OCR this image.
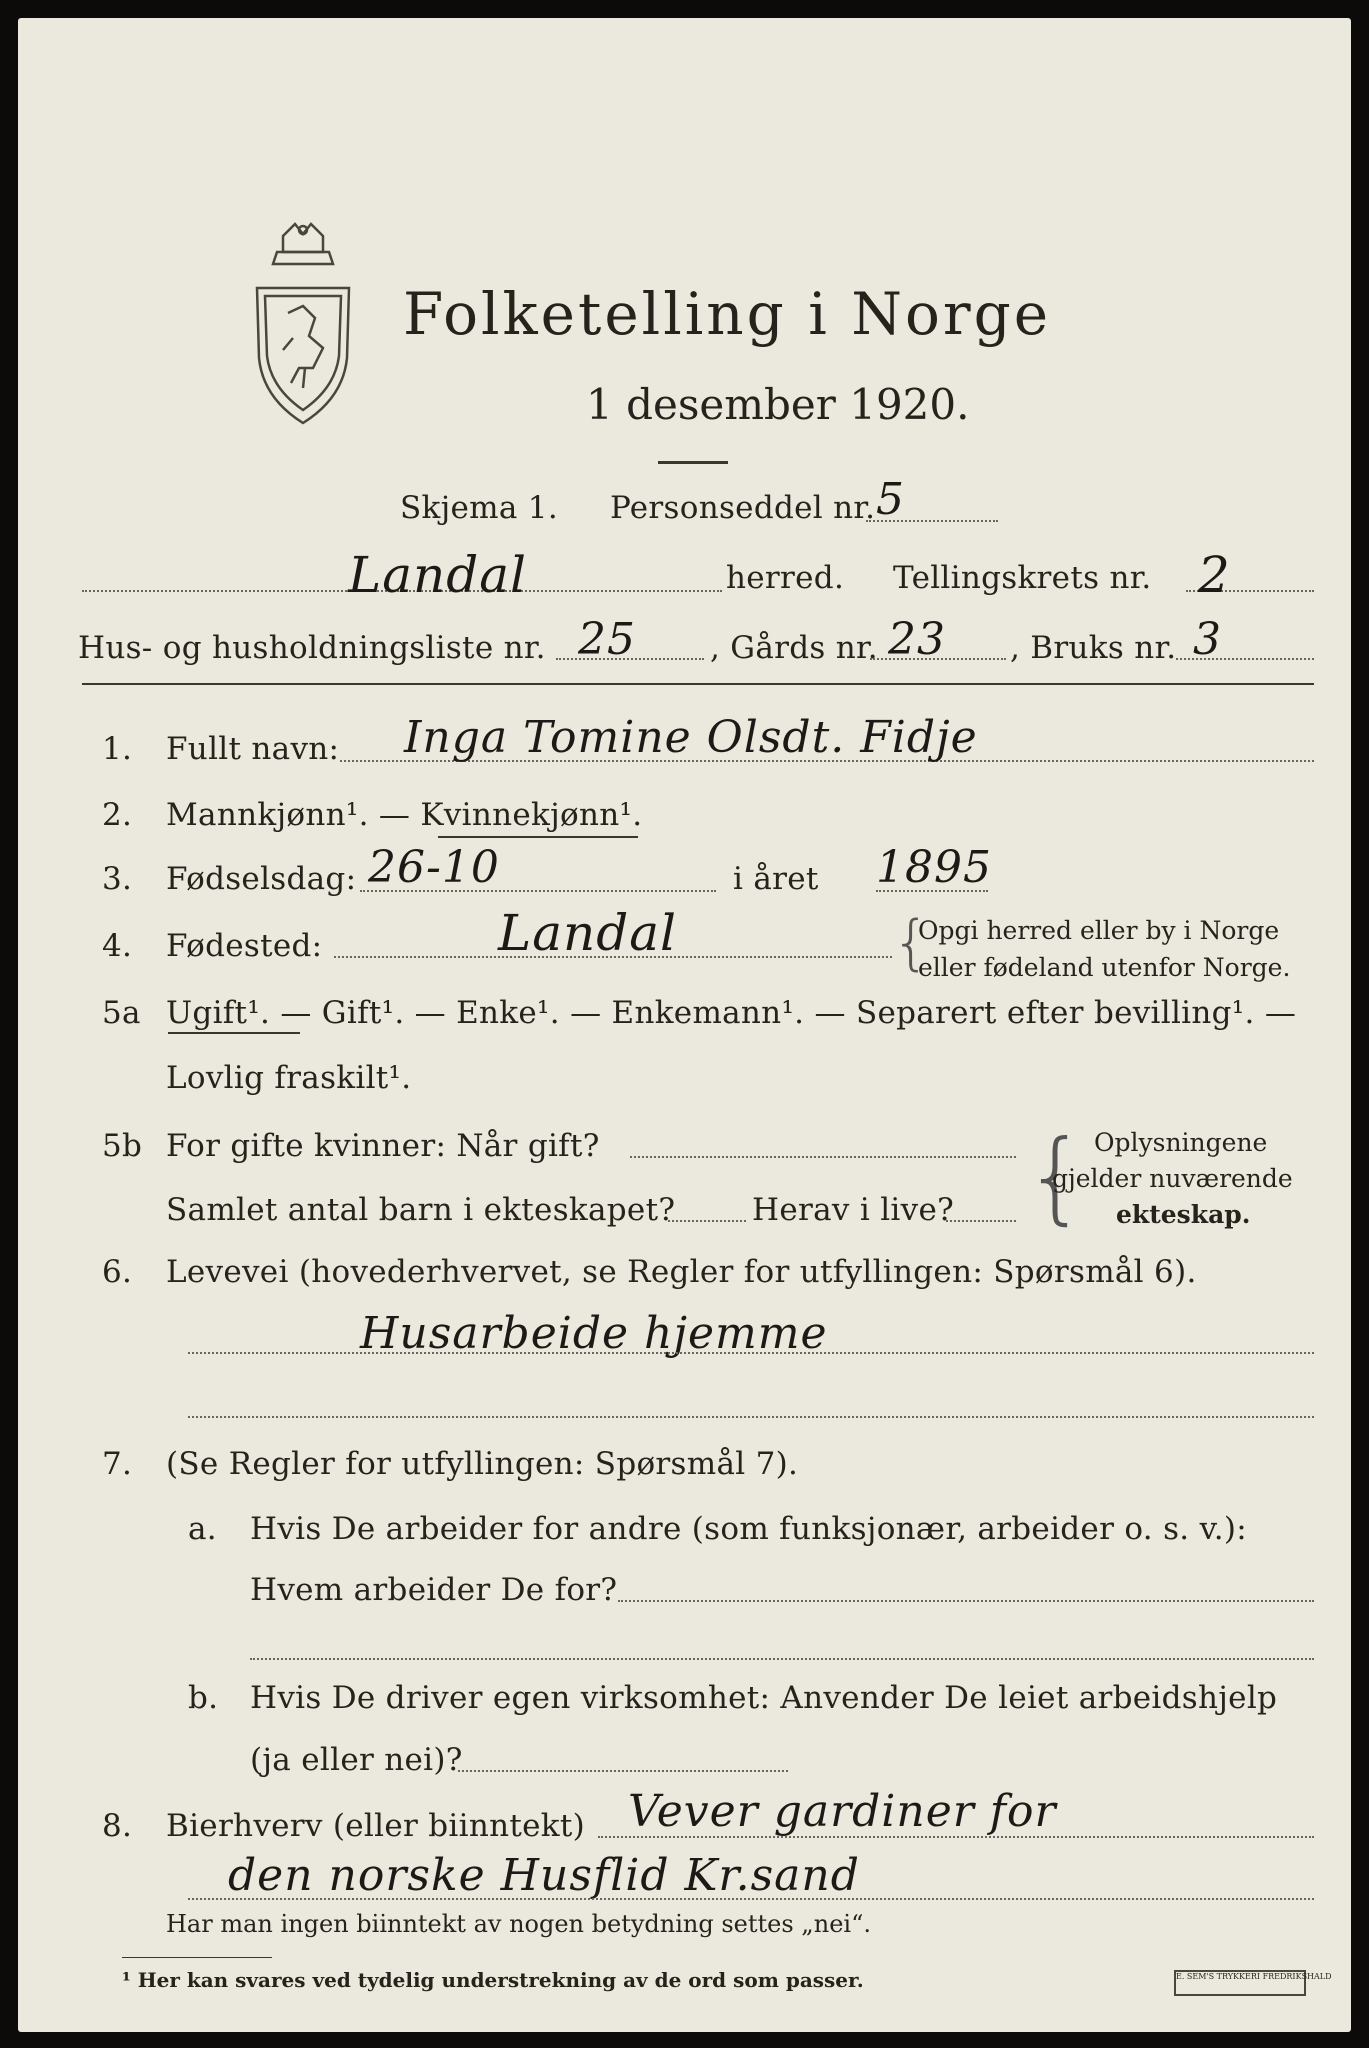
Folketelling i Norge
1 desember 1920.
Skjema 1. Personseddel nr. 5
Landal	herred. Tellingskrets nr. 2
Hus- og husholdningsliste nr. 25 , Gårds nr. 23 , Bruks nr. 3
1. Fullt navn: Inga Tomine Olsdt. Fidje
2. Mannkjønn¹. — Kvinnekjønn¹.
3. Fødselsdag: 26-10	i året 1895
4. Fødested:	Landal	{
Opgi herred eller by i Norge
eller fødeland utenfor Norge.
5a Ugift¹. — Gift¹. — Enke¹. — Enkemann¹. — Separert efter bevilling¹. —
Lovlig fraskilt¹.
5b For gifte kvinner: Når gift?
Samlet antal barn i ekteskapet? Herav i live? { Oplysningene
gjelder nuværende
ekteskap.
6. Levevei (hovederhvervet, se Regler for utfyllingen: Spørsmål 6).
Husarbeide hjemme
7. (Se Regler for utfyllingen: Spørsmål 7).
a. Hvis De arbeider for andre (som funksjonær, arbeider o. s. v.):
Hvem arbeider De for?
b. Hvis De driver egen virksomhet: Anvender De leiet arbeidshjelp
(ja eller nei)?
8. Bierhverv (eller biinntekt) Vever gardiner for
den norske Husflid Kr.sand
Har man ingen biinntekt av nogen betydning settes „nei“.
¹ Her kan svares ved tydelig understrekning av de ord som passer.	E. SEM'S TRYKKERI FREDRIKSHALD
